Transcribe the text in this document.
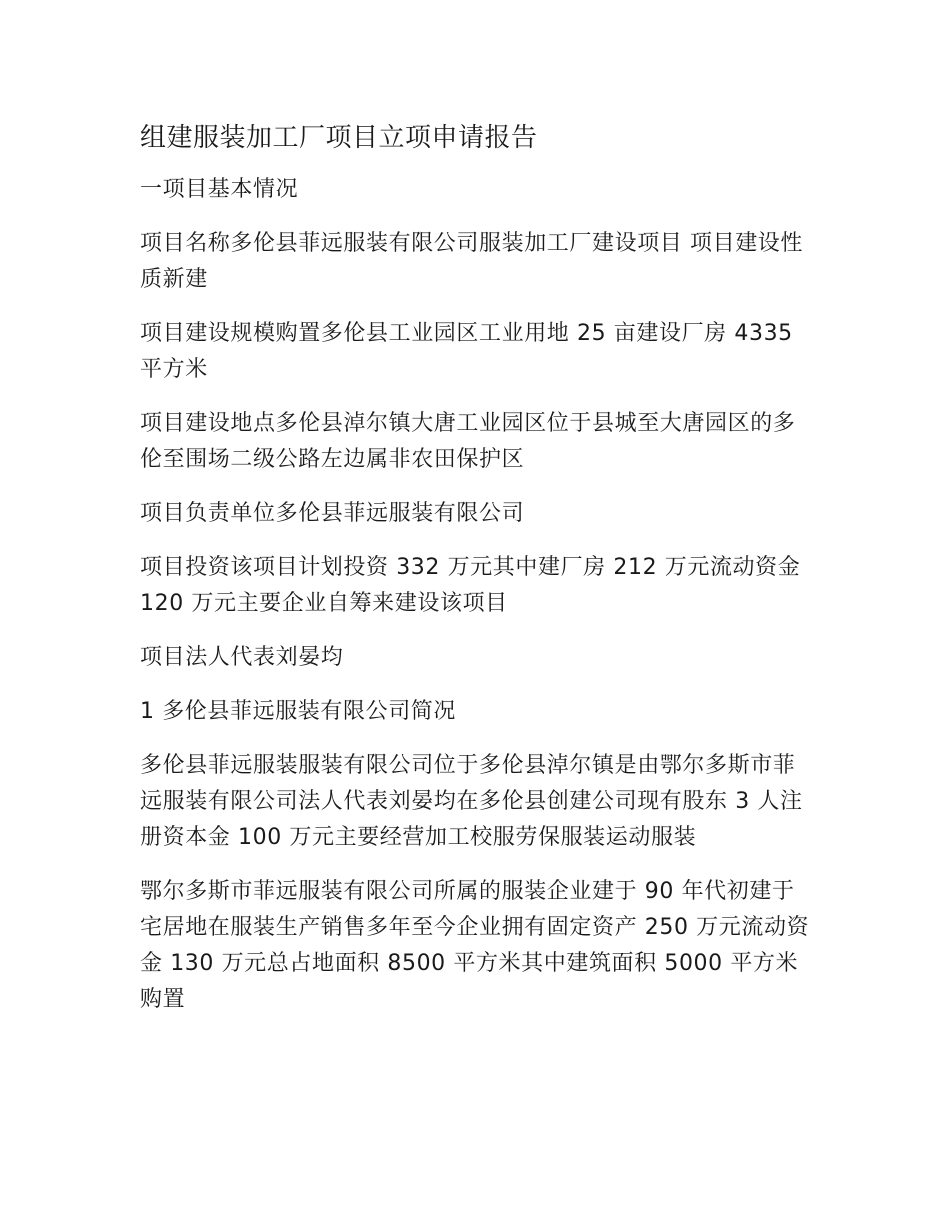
组建服装加工厂项目立项申请报告

一项目基本情况

项目名称多伦县菲远服装有限公司服装加工厂建设项目 项目建设性质新建

项目建设规模购置多伦县工业园区工业用地 25 亩建设厂房 4335 平方米

项目建设地点多伦县淖尔镇大唐工业园区位于县城至大唐园区的多伦至围场二级公路左边属非农田保护区

项目负责单位多伦县菲远服装有限公司

项目投资该项目计划投资 332 万元其中建厂房 212 万元流动资金 120 万元主要企业自筹来建设该项目

项目法人代表刘晏均

1 多伦县菲远服装有限公司简况

多伦县菲远服装服装有限公司位于多伦县淖尔镇是由鄂尔多斯市菲远服装有限公司法人代表刘晏均在多伦县创建公司现有股东 3 人注册资本金 100 万元主要经营加工校服劳保服装运动服装

鄂尔多斯市菲远服装有限公司所属的服装企业建于 90 年代初建于宅居地在服装生产销售多年至今企业拥有固定资产 250 万元流动资金 130 万元总占地面积 8500 平方米其中建筑面积 5000 平方米购置
